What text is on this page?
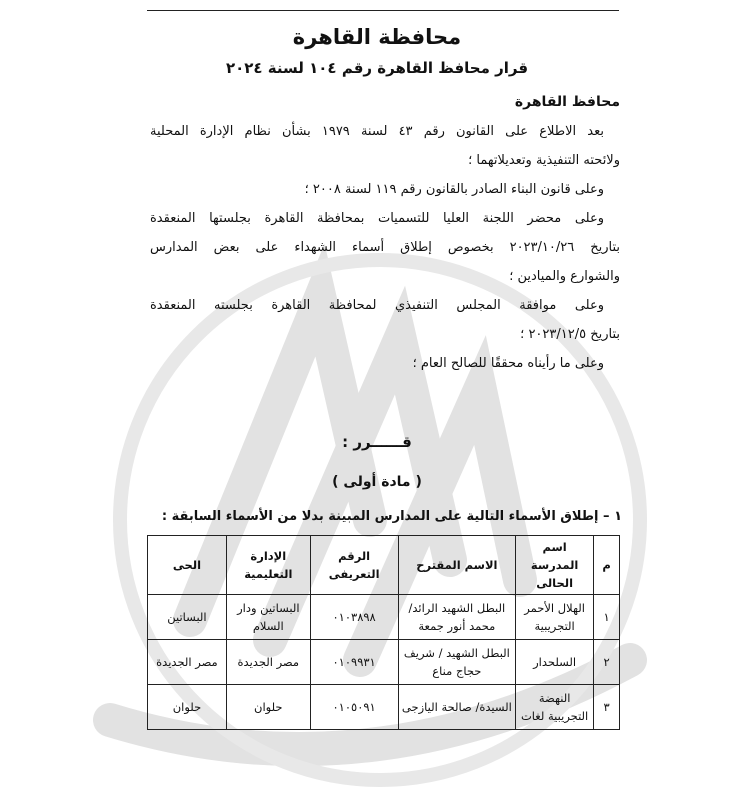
محافظة القاهرة
قرار محافظ القاهرة رقم ١٠٤ لسنة ٢٠٢٤
محافظ القاهرة
بعد الاطلاع على القانون رقم ٤٣ لسنة ١٩٧٩ بشأن نظام الإدارة المحلية
ولائحته التنفيذية وتعديلاتهما ؛
وعلى قانون البناء الصادر بالقانون رقم ١١٩ لسنة ٢٠٠٨ ؛
وعلى محضر اللجنة العليا للتسميات بمحافظة القاهرة بجلستها المنعقدة
بتاريخ ٢٠٢٣/١٠/٢٦ بخصوص إطلاق أسماء الشهداء على بعض المدارس
والشوارع والميادين ؛
وعلى موافقة المجلس التنفيذي لمحافظة القاهرة بجلسته المنعقدة
بتاريخ ٢٠٢٣/١٢/٥ ؛
وعلى ما رأيناه محققًا للصالح العام ؛
قــــــرر :
( مادة أولى )
١ – إطلاق الأسماء التالية على المدارس المبينة بدلا من الأسماء السابقة :
م	اسم المدرسة الحالى	الاسم المقترح	الرقم التعريفى	الإدارة التعليمية	الحى
١	الهلال الأحمر التجريبية	البطل الشهيد الرائد/ محمد أنور جمعة	٠١٠٣٨٩٨	البساتين ودار السلام	البساتين
٢	السلحدار	البطل الشهيد / شريف حجاج مناع	٠١٠٩٩٣١	مصر الجديدة	مصر الجديدة
٣	النهضة التجريبية لغات	السيدة/ صالحة اليازجى	٠١٠٥٠٩١	حلوان	حلوان
